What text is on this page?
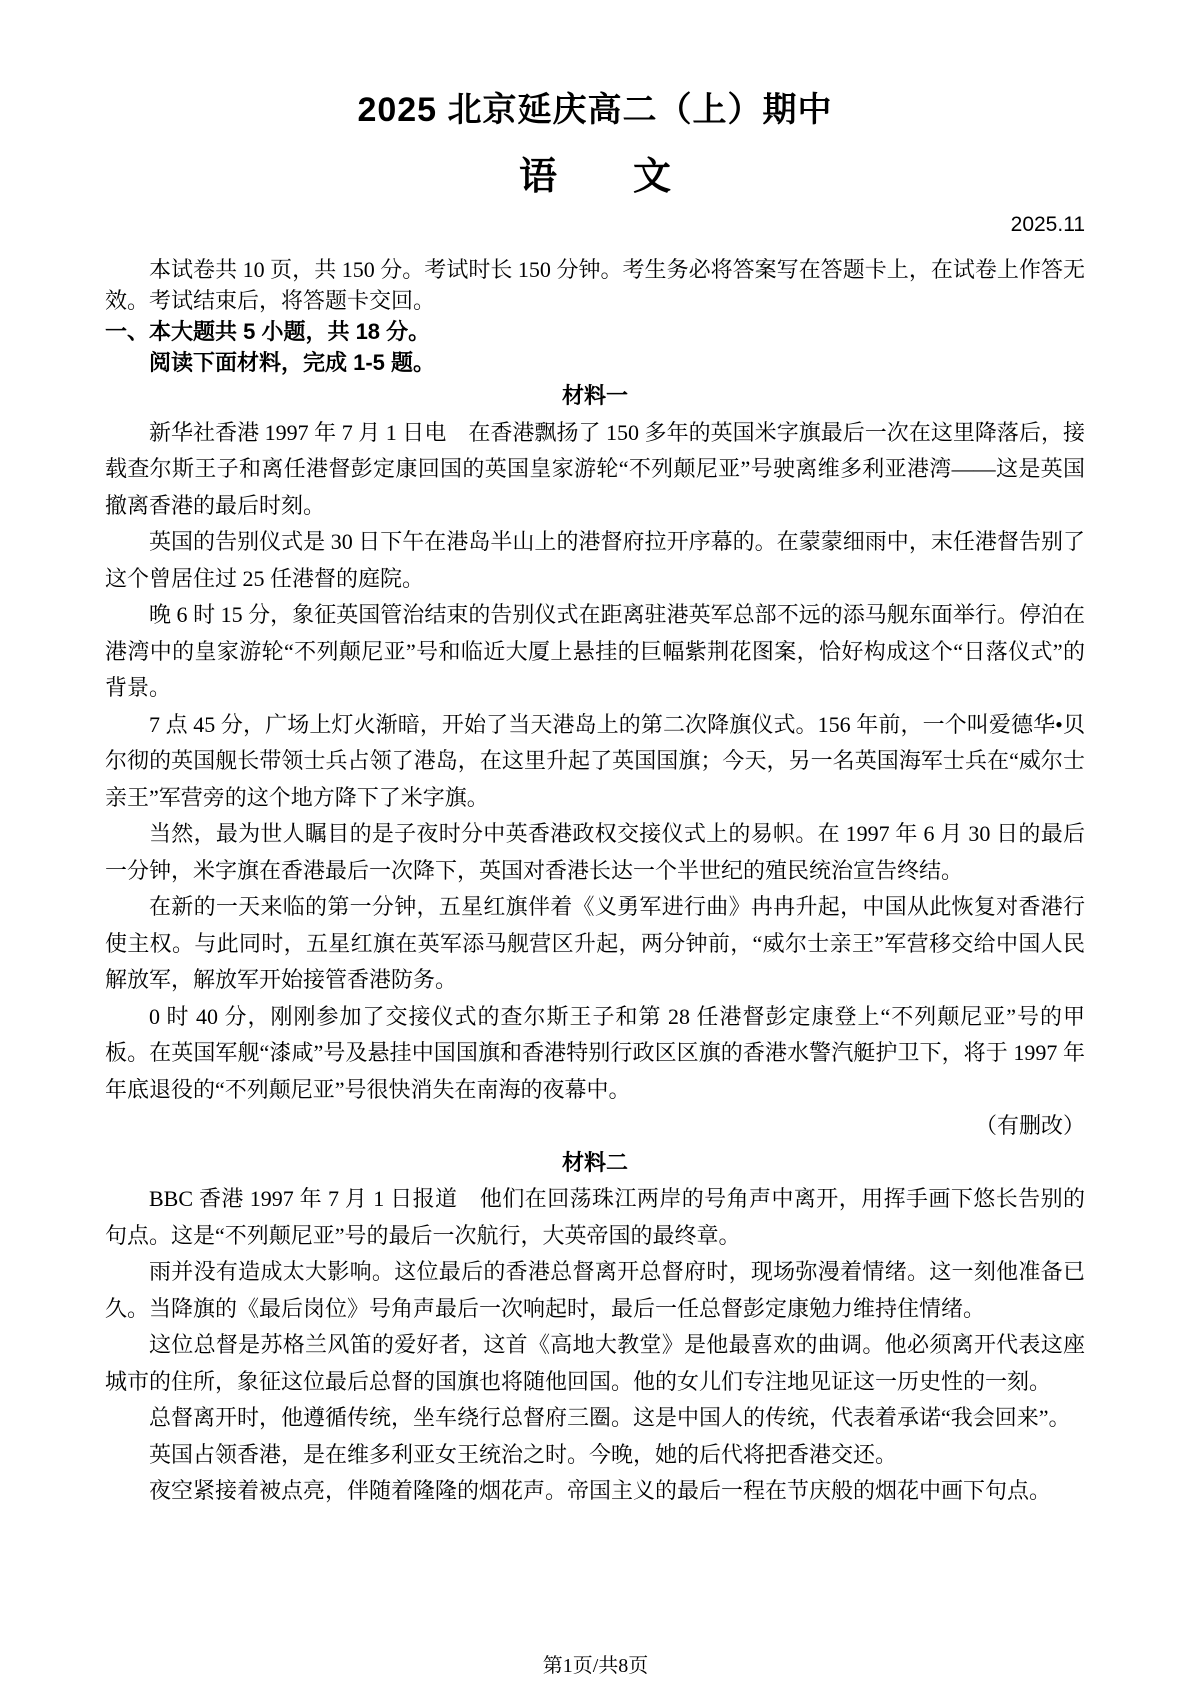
2025 北京延庆高二（上）期中
语　　文
2025.11

本试卷共 10 页，共 150 分。考试时长 150 分钟。考生务必将答案写在答题卡上，在试卷上作答无效。考试结束后，将答题卡交回。

一、本大题共 5 小题，共 18 分。

阅读下面材料，完成 1-5 题。

材料一

新华社香港 1997 年 7 月 1 日电　在香港飘扬了 150 多年的英国米字旗最后一次在这里降落后，接载查尔斯王子和离任港督彭定康回国的英国皇家游轮“不列颠尼亚”号驶离维多利亚港湾——这是英国撤离香港的最后时刻。

英国的告别仪式是 30 日下午在港岛半山上的港督府拉开序幕的。在蒙蒙细雨中，末任港督告别了这个曾居住过 25 任港督的庭院。

晚 6 时 15 分，象征英国管治结束的告别仪式在距离驻港英军总部不远的添马舰东面举行。停泊在港湾中的皇家游轮“不列颠尼亚”号和临近大厦上悬挂的巨幅紫荆花图案，恰好构成这个“日落仪式”的背景。

7 点 45 分，广场上灯火渐暗，开始了当天港岛上的第二次降旗仪式。156 年前，一个叫爱德华•贝尔彻的英国舰长带领士兵占领了港岛，在这里升起了英国国旗；今天，另一名英国海军士兵在“威尔士亲王”军营旁的这个地方降下了米字旗。

当然，最为世人瞩目的是子夜时分中英香港政权交接仪式上的易帜。在 1997 年 6 月 30 日的最后一分钟，米字旗在香港最后一次降下，英国对香港长达一个半世纪的殖民统治宣告终结。

在新的一天来临的第一分钟，五星红旗伴着《义勇军进行曲》冉冉升起，中国从此恢复对香港行使主权。与此同时，五星红旗在英军添马舰营区升起，两分钟前，“威尔士亲王”军营移交给中国人民解放军，解放军开始接管香港防务。

0 时 40 分，刚刚参加了交接仪式的查尔斯王子和第 28 任港督彭定康登上“不列颠尼亚”号的甲板。在英国军舰“漆咸”号及悬挂中国国旗和香港特别行政区区旗的香港水警汽艇护卫下，将于 1997 年年底退役的“不列颠尼亚”号很快消失在南海的夜幕中。

（有删改）

材料二

BBC 香港 1997 年 7 月 1 日报道　他们在回荡珠江两岸的号角声中离开，用挥手画下悠长告别的句点。这是“不列颠尼亚”号的最后一次航行，大英帝国的最终章。

雨并没有造成太大影响。这位最后的香港总督离开总督府时，现场弥漫着情绪。这一刻他准备已久。当降旗的《最后岗位》号角声最后一次响起时，最后一任总督彭定康勉力维持住情绪。

这位总督是苏格兰风笛的爱好者，这首《高地大教堂》是他最喜欢的曲调。他必须离开代表这座城市的住所，象征这位最后总督的国旗也将随他回国。他的女儿们专注地见证这一历史性的一刻。

总督离开时，他遵循传统，坐车绕行总督府三圈。这是中国人的传统，代表着承诺“我会回来”。

英国占领香港，是在维多利亚女王统治之时。今晚，她的后代将把香港交还。

夜空紧接着被点亮，伴随着隆隆的烟花声。帝国主义的最后一程在节庆般的烟花中画下句点。

第1页/共8页
